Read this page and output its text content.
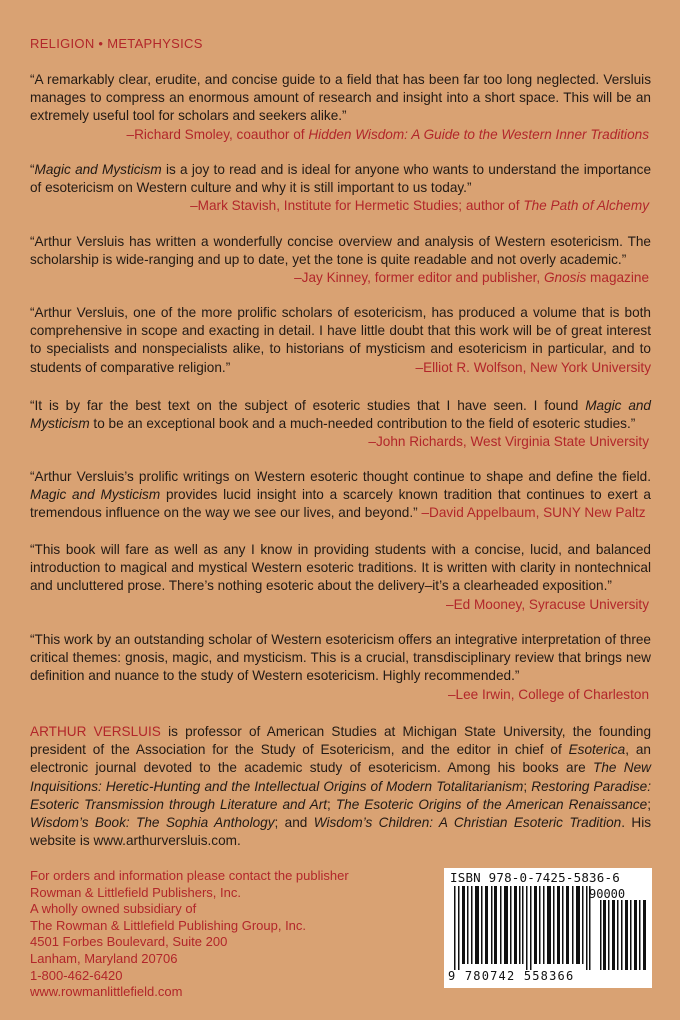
RELIGION • METAPHYSICS

“A remarkably clear, erudite, and concise guide to a field that has been far too long neglected. Versluis manages to compress an enormous amount of research and insight into a short space. This will be an extremely useful tool for scholars and seekers alike.”

–Richard Smoley, coauthor of Hidden Wisdom: A Guide to the Western Inner Traditions

“Magic and Mysticism is a joy to read and is ideal for anyone who wants to understand the importance of esotericism on Western culture and why it is still important to us today.”

–Mark Stavish, Institute for Hermetic Studies; author of The Path of Alchemy

“Arthur Versluis has written a wonderfully concise overview and analysis of Western esotericism. The scholarship is wide-ranging and up to date, yet the tone is quite readable and not overly academic.”

–Jay Kinney, former editor and publisher, Gnosis magazine

“Arthur Versluis, one of the more prolific scholars of esotericism, has produced a volume that is both comprehensive in scope and exacting in detail. I have little doubt that this work will be of great interest to specialists and nonspecialists alike, to historians of mysticism and esotericism in particular, and to students of comparative religion.”	–Elliot R. Wolfson, New York University

“It is by far the best text on the subject of esoteric studies that I have seen. I found Magic and Mysticism to be an exceptional book and a much-needed contribution to the field of esoteric studies.”

–John Richards, West Virginia State University

“Arthur Versluis’s prolific writings on Western esoteric thought continue to shape and define the field. Magic and Mysticism provides lucid insight into a scarcely known tradition that continues to exert a tremendous influence on the way we see our lives, and beyond.” –David Appelbaum, SUNY New Paltz

“This book will fare as well as any I know in providing students with a concise, lucid, and balanced introduction to magical and mystical Western esoteric traditions. It is written with clarity in nontechnical and uncluttered prose. There’s nothing esoteric about the delivery–it’s a clearheaded exposition.”

–Ed Mooney, Syracuse University

“This work by an outstanding scholar of Western esotericism offers an integrative interpretation of three critical themes: gnosis, magic, and mysticism. This is a crucial, transdisciplinary review that brings new definition and nuance to the study of Western esotericism. Highly recommended.”

–Lee Irwin, College of Charleston
ARTHUR VERSLUIS is professor of American Studies at Michigan State University, the founding president of the Association for the Study of Esotericism, and the editor in chief of Esoterica, an electronic journal devoted to the academic study of esotericism. Among his books are The New Inquisitions: Heretic-Hunting and the Intellectual Origins of Modern Totalitarianism; Restoring Paradise: Esoteric Transmission through Literature and Art; The Esoteric Origins of the American Renaissance; Wisdom’s Book: The Sophia Anthology; and Wisdom’s Children: A Christian Esoteric Tradition. His website is www.arthurversluis.com.
For orders and information please contact the publisher
Rowman & Littlefield Publishers, Inc.
A wholly owned subsidiary of
The Rowman & Littlefield Publishing Group, Inc.
4501 Forbes Boulevard, Suite 200
Lanham, Maryland 20706
1-800-462-6420
www.rowmanlittlefield.com
ISBN 978-0-7425-5836-6
90000
9 780742 558366
